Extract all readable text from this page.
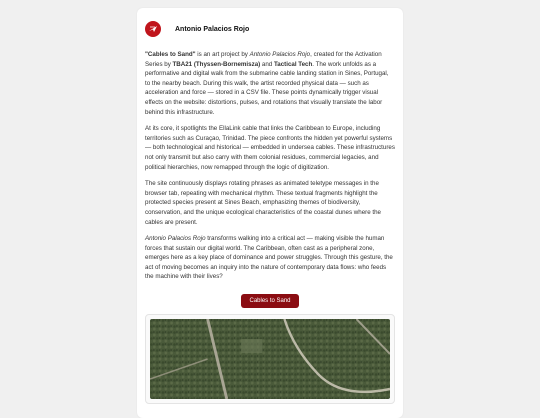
Antonio Palacios Rojo

"Cables to Sand" is an art project by Antonio Palacios Rojo, created for the Activation Series by TBA21 (Thyssen-Bornemisza) and Tactical Tech. The work unfolds as a performative and digital walk from the submarine cable landing station in Sines, Portugal, to the nearby beach. During this walk, the artist recorded physical data — such as acceleration and force — stored in a CSV file. These points dynamically trigger visual effects on the website: distortions, pulses, and rotations that visually translate the labor behind this infrastructure.

At its core, it spotlights the EllaLink cable that links the Caribbean to Europe, including territories such as Curaçao, Trinidad. The piece confronts the hidden yet powerful systems — both technological and historical — embedded in undersea cables. These infrastructures not only transmit but also carry with them colonial residues, commercial legacies, and political hierarchies, now remapped through the logic of digitization.

The site continuously displays rotating phrases as animated teletype messages in the browser tab, repeating with mechanical rhythm. These textual fragments highlight the protected species present at Sines Beach, emphasizing themes of biodiversity, conservation, and the unique ecological characteristics of the coastal dunes where the cables are present.

Antonio Palacios Rojo transforms walking into a critical act — making visible the human forces that sustain our digital world. The Caribbean, often cast as a peripheral zone, emerges here as a key place of dominance and power struggles. Through this gesture, the act of moving becomes an inquiry into the nature of contemporary data flows: who feeds the machine with their lives?

Cables to Sand
